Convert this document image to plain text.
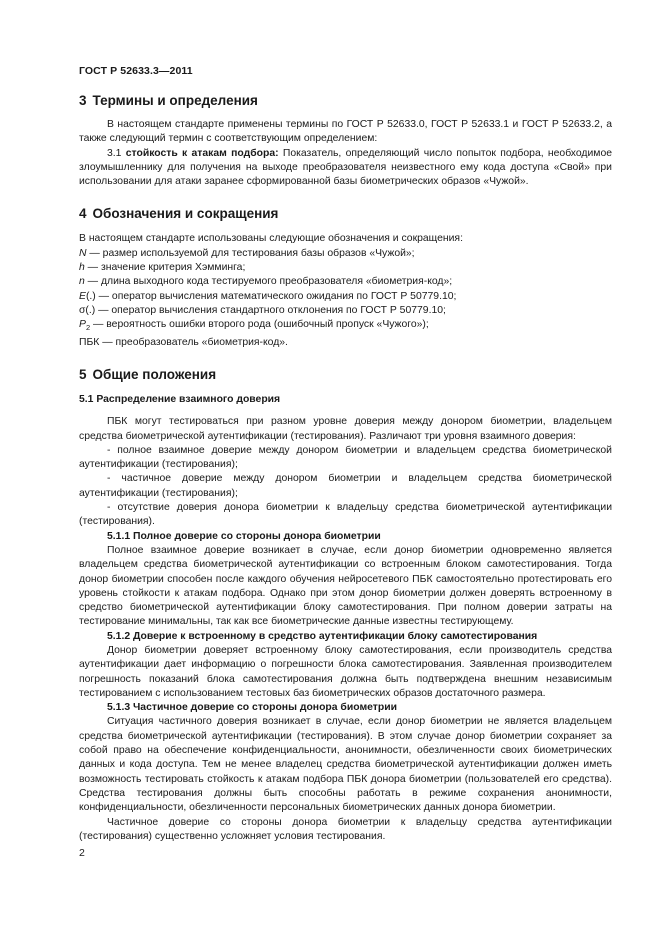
ГОСТ Р 52633.3—2011
3 Термины и определения

В настоящем стандарте применены термины по ГОСТ Р 52633.0, ГОСТ Р 52633.1 и ГОСТ Р 52633.2, а также следующий термин с соответствующим определением:

3.1 стойкость к атакам подбора: Показатель, определяющий число попыток подбора, необходимое злоумышленнику для получения на выходе преобразователя неизвестного ему кода доступа «Свой» при использовании для атаки заранее сформированной базы биометрических образов «Чужой».

4 Обозначения и сокращения

В настоящем стандарте использованы следующие обозначения и сокращения:

N — размер используемой для тестирования базы образов «Чужой»;

h — значение критерия Хэмминга;

n — длина выходного кода тестируемого преобразователя «биометрия-код»;

E(.) — оператор вычисления математического ожидания по ГОСТ Р 50779.10;

σ(.) — оператор вычисления стандартного отклонения по ГОСТ Р 50779.10;

$P_2$ — вероятность ошибки второго рода (ошибочный пропуск «Чужого»);

ПБК — преобразователь «биометрия-код».

5 Общие положения
5.1 Распределение взаимного доверия

ПБК могут тестироваться при разном уровне доверия между донором биометрии, владельцем средства биометрической аутентификации (тестирования). Различают три уровня взаимного доверия:

- полное взаимное доверие между донором биометрии и владельцем средства биометрической аутентификации (тестирования);

- частичное доверие между донором биометрии и владельцем средства биометрической аутентификации (тестирования);

- отсутствие доверия донора биометрии к владельцу средства биометрической аутентификации (тестирования).

5.1.1 Полное доверие со стороны донора биометрии

Полное взаимное доверие возникает в случае, если донор биометрии одновременно является владельцем средства биометрической аутентификации со встроенным блоком самотестирования. Тогда донор биометрии способен после каждого обучения нейросетевого ПБК самостоятельно протестировать его уровень стойкости к атакам подбора. Однако при этом донор биометрии должен доверять встроенному в средство биометрической аутентификации блоку самотестирования. При полном доверии затраты на тестирование минимальны, так как все биометрические данные известны тестирующему.

5.1.2 Доверие к встроенному в средство аутентификации блоку самотестирования

Донор биометрии доверяет встроенному блоку самотестирования, если производитель средства аутентификации дает информацию о погрешности блока самотестирования. Заявленная производителем погрешность показаний блока самотестирования должна быть подтверждена внешним независимым тестированием с использованием тестовых баз биометрических образов достаточного размера.

5.1.3 Частичное доверие со стороны донора биометрии

Ситуация частичного доверия возникает в случае, если донор биометрии не является владельцем средства биометрической аутентификации (тестирования). В этом случае донор биометрии сохраняет за собой право на обеспечение конфиденциальности, анонимности, обезличенности своих биометрических данных и кода доступа. Тем не менее владелец средства биометрической аутентификации должен иметь возможность тестировать стойкость к атакам подбора ПБК донора биометрии (пользователей его средства). Средства тестирования должны быть способны работать в режиме сохранения анонимности, конфиденциальности, обезличенности персональных биометрических данных донора биометрии.

Частичное доверие со стороны донора биометрии к владельцу средства аутентификации (тестирования) существенно усложняет условия тестирования.

2
